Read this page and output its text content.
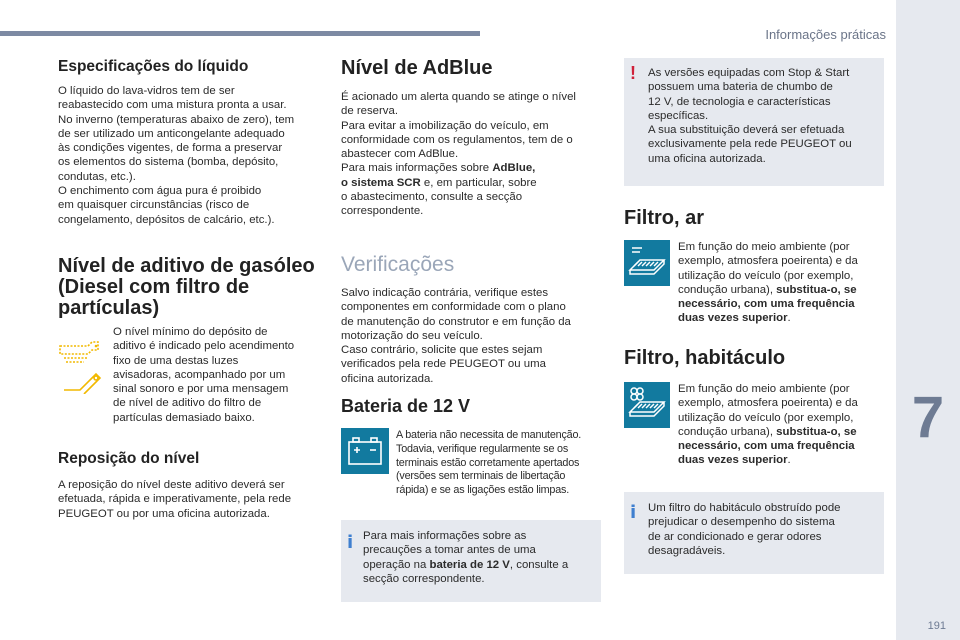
Informações práticas
7
191
Especificações do líquido
O líquido do lava-vidros tem de ser
reabastecido com uma mistura pronta a usar.
No inverno (temperaturas abaixo de zero), tem
de ser utilizado um anticongelante adequado
às condições vigentes, de forma a preservar
os elementos do sistema (bomba, depósito,
condutas, etc.).
O enchimento com água pura é proibido
em quaisquer circunstâncias (risco de
congelamento, depósitos de calcário, etc.).
Nível de aditivo de gasóleo (Diesel com filtro de partículas)
O nível mínimo do depósito de
aditivo é indicado pelo acendimento
fixo de uma destas luzes
avisadoras, acompanhado por um
sinal sonoro e por uma mensagem
de nível de aditivo do filtro de
partículas demasiado baixo.
Reposição do nível
A reposição do nível deste aditivo deverá ser
efetuada, rápida e imperativamente, pela rede
PEUGEOT ou por uma oficina autorizada.
Nível de AdBlue
É acionado um alerta quando se atinge o nível
de reserva.
Para evitar a imobilização do veículo, em
conformidade com os regulamentos, tem de o
abastecer com AdBlue.
Para mais informações sobre AdBlue,
o sistema SCR e, em particular, sobre
o abastecimento, consulte a secção
correspondente.
Verificações
Salvo indicação contrária, verifique estes
componentes em conformidade com o plano
de manutenção do construtor e em função da
motorização do seu veículo.
Caso contrário, solicite que estes sejam
verificados pela rede PEUGEOT ou uma
oficina autorizada.
Bateria de 12 V
A bateria não necessita de manutenção.
Todavia, verifique regularmente se os
terminais estão corretamente apertados
(versões sem terminais de libertação
rápida) e se as ligações estão limpas.
i Para mais informações sobre as
precauções a tomar antes de uma
operação na bateria de 12 V, consulte a
secção correspondente.
! As versões equipadas com Stop & Start
possuem uma bateria de chumbo de
12 V, de tecnologia e características
específicas.
A sua substituição deverá ser efetuada
exclusivamente pela rede PEUGEOT ou
uma oficina autorizada.
Filtro, ar
Em função do meio ambiente (por
exemplo, atmosfera poeirenta) e da
utilização do veículo (por exemplo,
condução urbana), substitua-o, se
necessário, com uma frequência
duas vezes superior.
Filtro, habitáculo
Em função do meio ambiente (por
exemplo, atmosfera poeirenta) e da
utilização do veículo (por exemplo,
condução urbana), substitua-o, se
necessário, com uma frequência
duas vezes superior.
i Um filtro do habitáculo obstruído pode
prejudicar o desempenho do sistema
de ar condicionado e gerar odores
desagradáveis.
